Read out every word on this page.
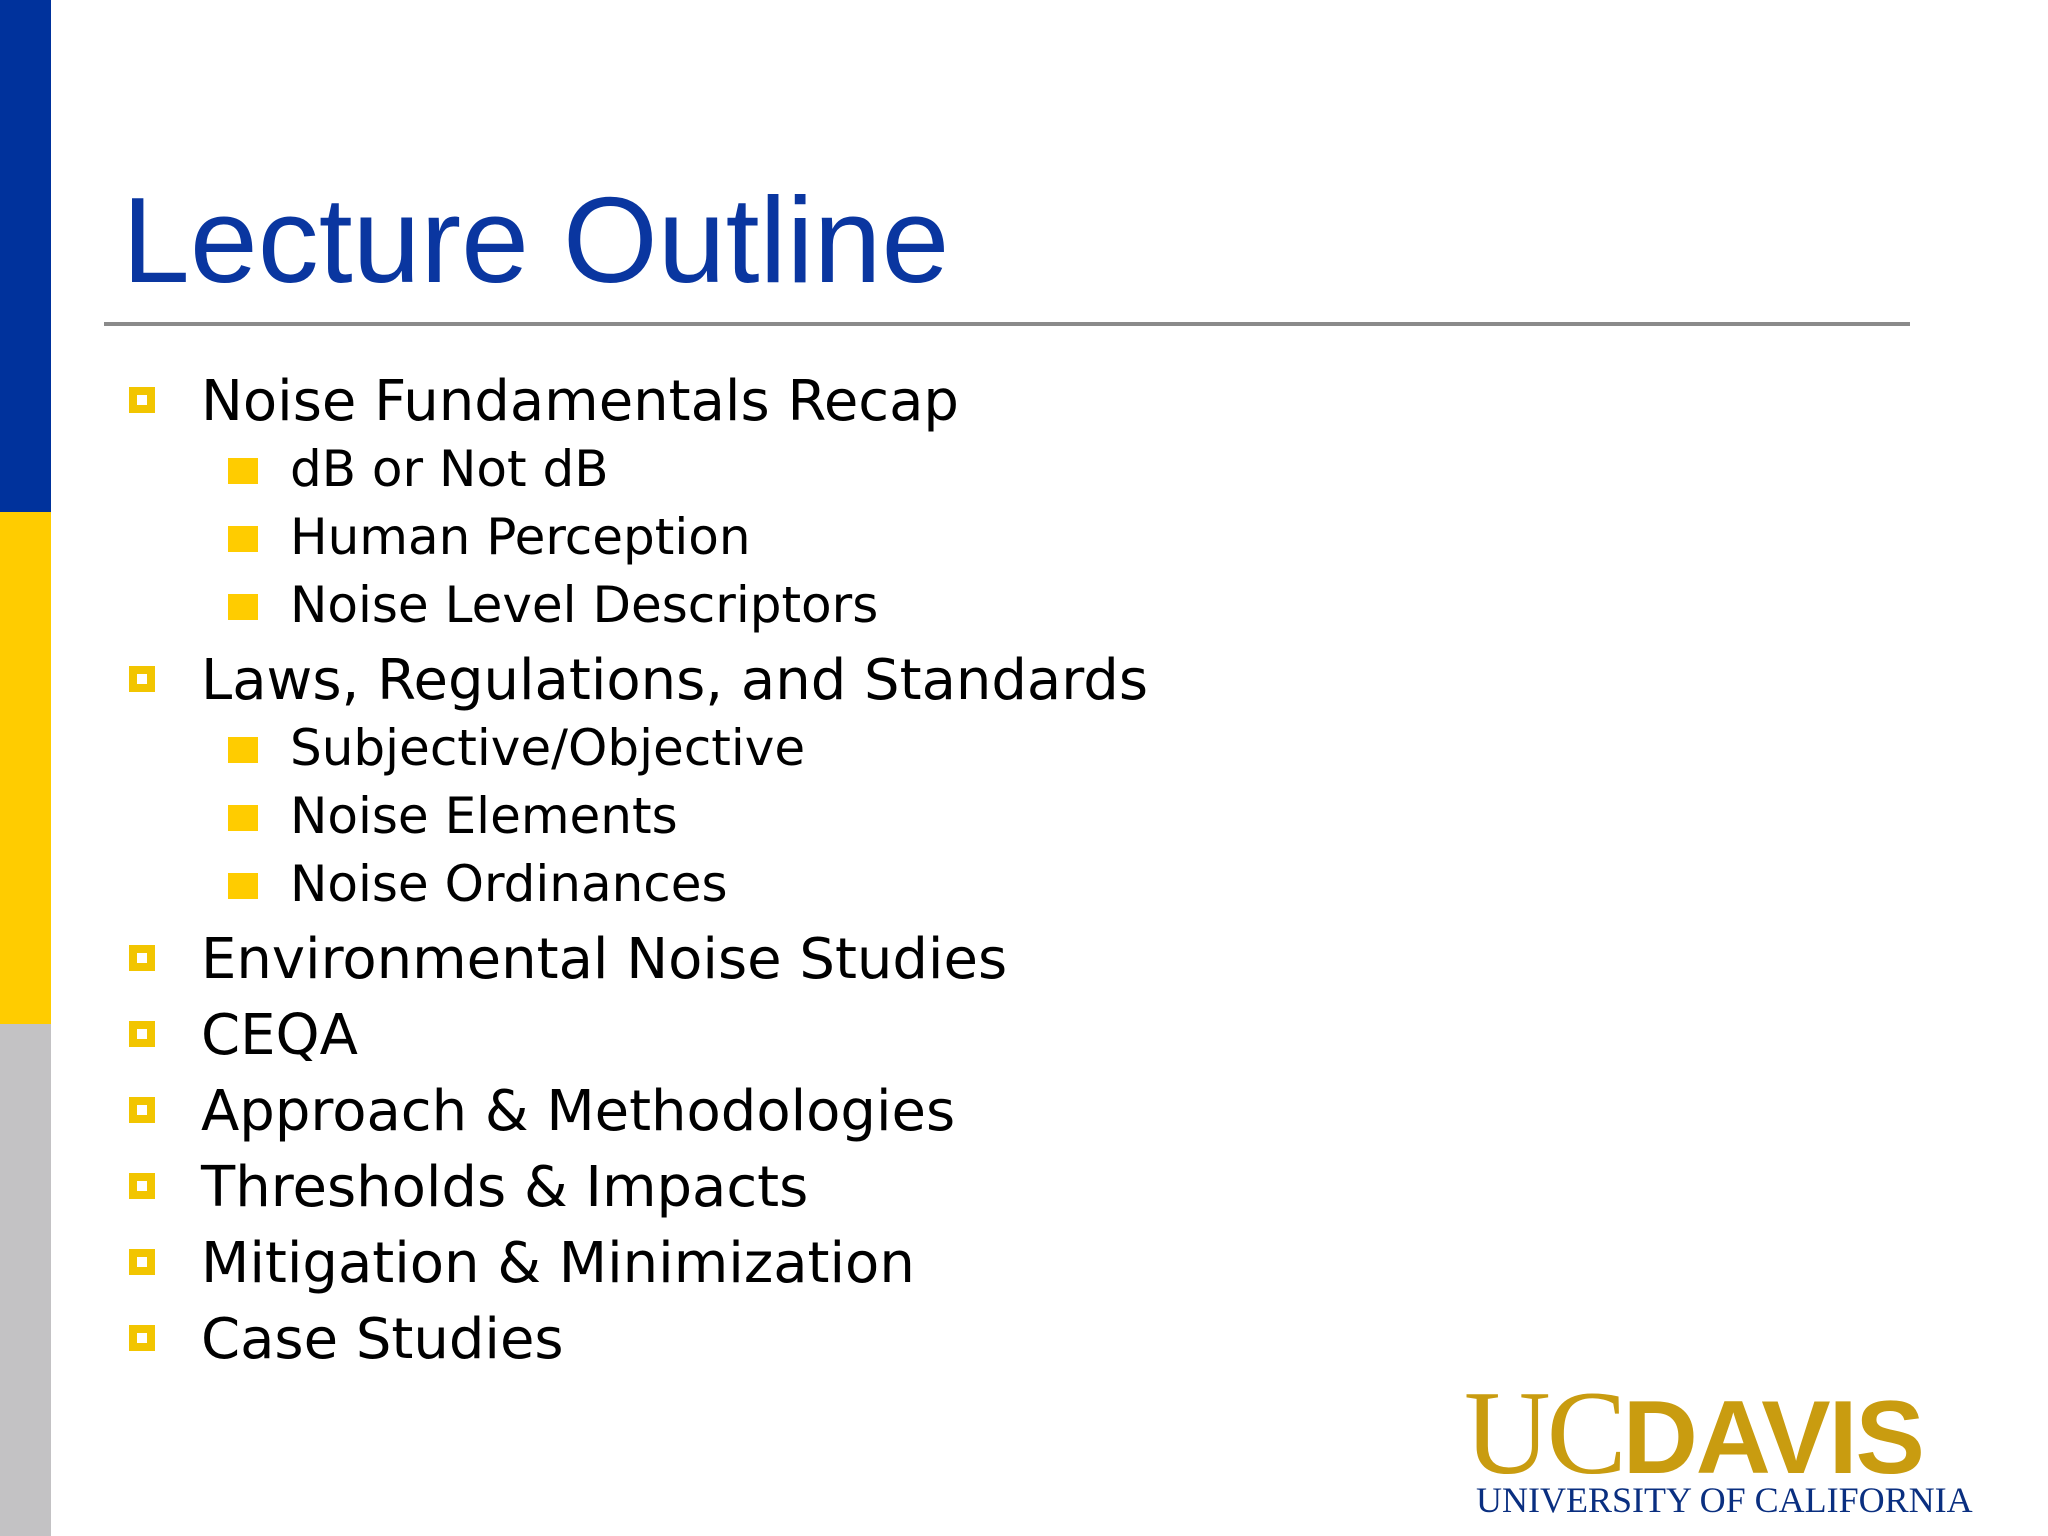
Lecture Outline
Noise Fundamentals Recap
dB or Not dB
Human Perception
Noise Level Descriptors
Laws, Regulations, and Standards
Subjective/Objective
Noise Elements
Noise Ordinances
Environmental Noise Studies
CEQA
Approach & Methodologies
Thresholds & Impacts
Mitigation & Minimization
Case Studies
UCDAVIS
UNIVERSITY OF CALIFORNIA
